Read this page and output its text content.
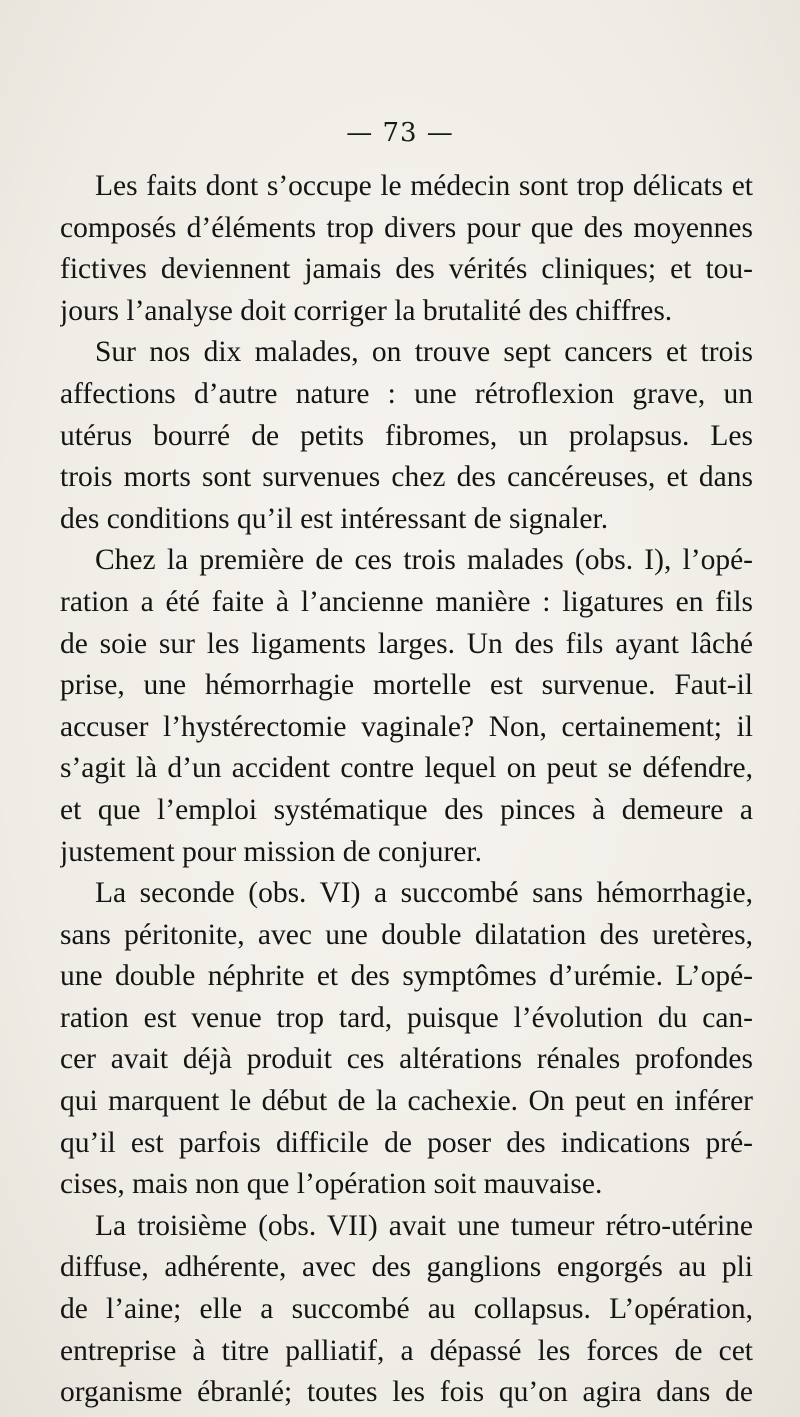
— 73 —
Les faits dont s’occupe le médecin sont trop délicats et
composés d’éléments trop divers pour que des moyennes
fictives deviennent jamais des vérités cliniques; et tou-
jours l’analyse doit corriger la brutalité des chiffres.
Sur nos dix malades, on trouve sept cancers et trois
affections d’autre nature : une rétroflexion grave, un
utérus bourré de petits fibromes, un prolapsus. Les
trois morts sont survenues chez des cancéreuses, et dans
des conditions qu’il est intéressant de signaler.
Chez la première de ces trois malades (obs. I), l’opé-
ration a été faite à l’ancienne manière : ligatures en fils
de soie sur les ligaments larges. Un des fils ayant lâché
prise, une hémorrhagie mortelle est survenue. Faut-il
accuser l’hystérectomie vaginale? Non, certainement; il
s’agit là d’un accident contre lequel on peut se défendre,
et que l’emploi systématique des pinces à demeure a
justement pour mission de conjurer.
La seconde (obs. VI) a succombé sans hémorrhagie,
sans péritonite, avec une double dilatation des uretères,
une double néphrite et des symptômes d’urémie. L’opé-
ration est venue trop tard, puisque l’évolution du can-
cer avait déjà produit ces altérations rénales profondes
qui marquent le début de la cachexie. On peut en inférer
qu’il est parfois difficile de poser des indications pré-
cises, mais non que l’opération soit mauvaise.
La troisième (obs. VII) avait une tumeur rétro-utérine
diffuse, adhérente, avec des ganglions engorgés au pli
de l’aine; elle a succombé au collapsus. L’opération,
entreprise à titre palliatif, a dépassé les forces de cet
organisme ébranlé; toutes les fois qu’on agira dans de
